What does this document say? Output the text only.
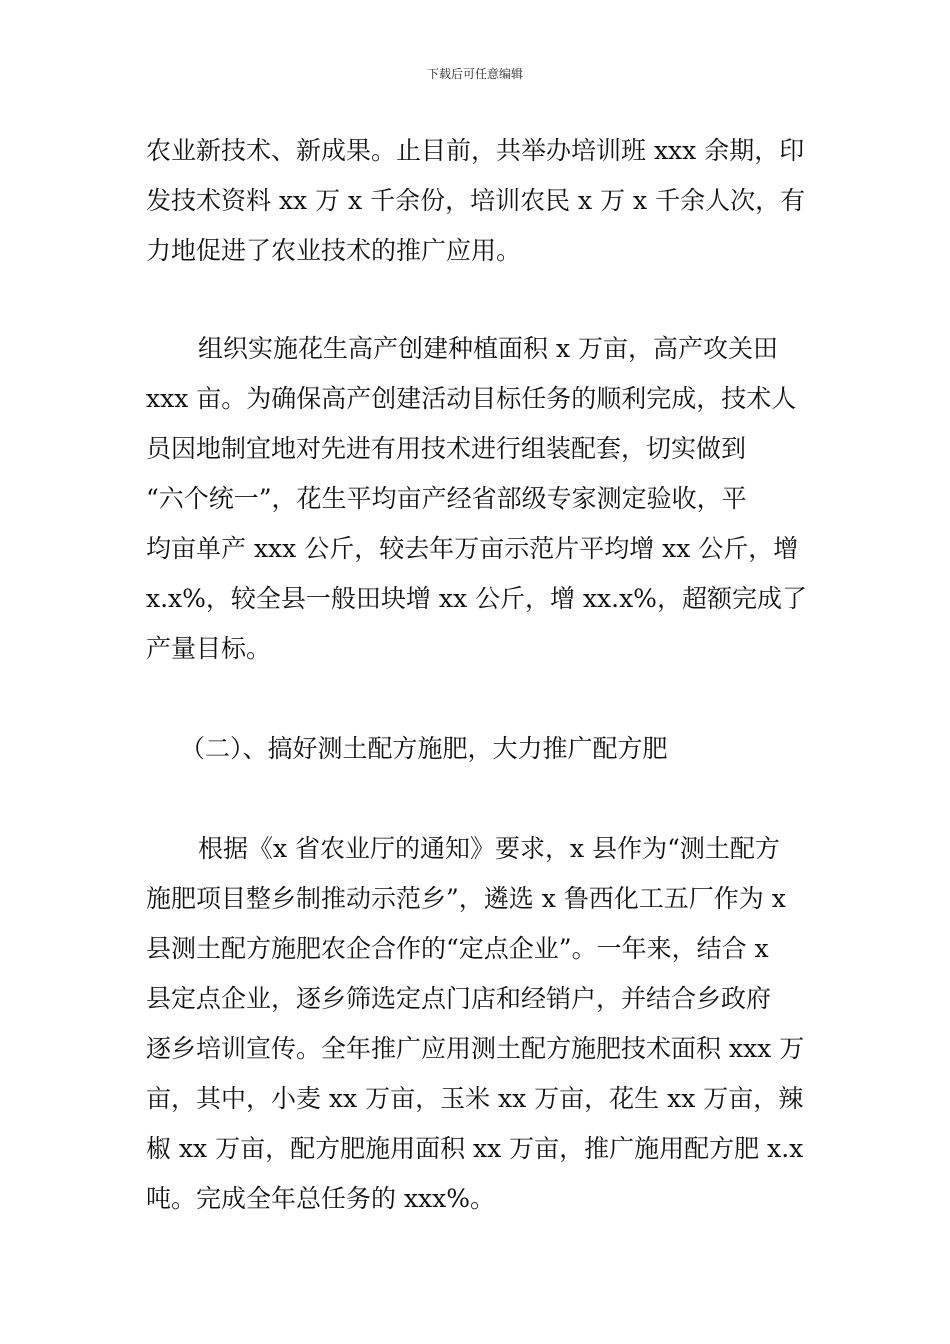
下载后可任意编辑
农业新技术、新成果。止目前，共举办培训班 xxx 余期，印
发技术资料 xx 万 x 千余份，培训农民 x 万 x 千余人次，有
力地促进了农业技术的推广应用。
组织实施花生高产创建种植面积 x 万亩，高产攻关田
xxx 亩。为确保高产创建活动目标任务的顺利完成，技术人
员因地制宜地对先进有用技术进行组装配套，切实做到
“六个统一”，花生平均亩产经省部级专家测定验收，平
均亩单产 xxx 公斤，较去年万亩示范片平均增 xx 公斤，增
x.x%，较全县一般田块增 xx 公斤，增 xx.x%，超额完成了
产量目标。
（二）、搞好测土配方施肥，大力推广配方肥
根据《x 省农业厅的通知》要求，x 县作为“测土配方
施肥项目整乡制推动示范乡”，遴选 x 鲁西化工五厂作为 x
县测土配方施肥农企合作的“定点企业”。一年来，结合 x
县定点企业，逐乡筛选定点门店和经销户，并结合乡政府
逐乡培训宣传。全年推广应用测土配方施肥技术面积 xxx 万
亩，其中，小麦 xx 万亩，玉米 xx 万亩，花生 xx 万亩，辣
椒 xx 万亩，配方肥施用面积 xx 万亩，推广施用配方肥 x.x
吨。完成全年总任务的 xxx%。
